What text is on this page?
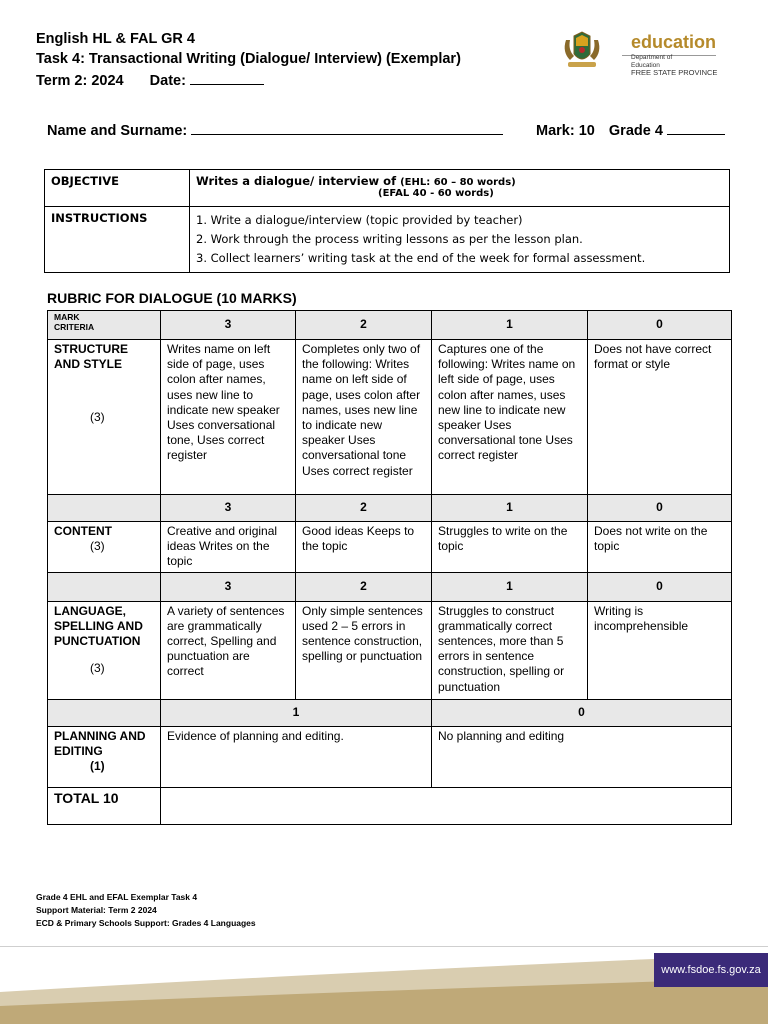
English HL & FAL GR 4
Task 4: Transactional Writing (Dialogue/ Interview) (Exemplar)
Term 2: 2024 Date:
education
Department of
Education
FREE STATE PROVINCE
Name and Surname:	Mark: 10 Grade 4
OBJECTIVE	Writes a dialogue/ interview of (EHL: 60 – 80 words)
(EFAL 40 - 60 words)

INSTRUCTIONS	1. Write a dialogue/interview (topic provided by teacher)
2. Work through the process writing lessons as per the lesson plan.
3. Collect learners’ writing task at the end of the week for formal assessment.
RUBRIC FOR DIALOGUE (10 MARKS)
MARK
CRITERIA	3	2	1	0

STRUCTURE AND STYLE
(3)	Writes name on left side of page, uses colon after names, uses new line to indicate new speaker Uses conversational tone, Uses correct register	Completes only two of the following: Writes name on left side of page, uses colon after names, uses new line to indicate new speaker Uses conversational tone Uses correct register	Captures one of the following: Writes name on left side of page, uses colon after names, uses new line to indicate new speaker Uses conversational tone Uses correct register	Does not have correct format or style
	3	2	1	0

CONTENT
(3)	Creative and original ideas Writes on the topic	Good ideas Keeps to the topic	Struggles to write on the topic	Does not write on the topic
	3	2	1	0

LANGUAGE, SPELLING AND PUNCTUATION
(3)	A variety of sentences are grammatically correct, Spelling and punctuation are correct	Only simple sentences used 2 – 5 errors in sentence construction, spelling or punctuation	Struggles to construct grammatically correct sentences, more than 5 errors in sentence construction, spelling or punctuation	Writing is incomprehensible
	1		0	

PLANNING AND EDITING
(1)	Evidence of planning and editing.		No planning and editing	
TOTAL 10				
Grade 4 EHL and EFAL Exemplar Task 4
Support Material: Term 2 2024
ECD & Primary Schools Support: Grades 4 Languages
www.fsdoe.fs.gov.za
